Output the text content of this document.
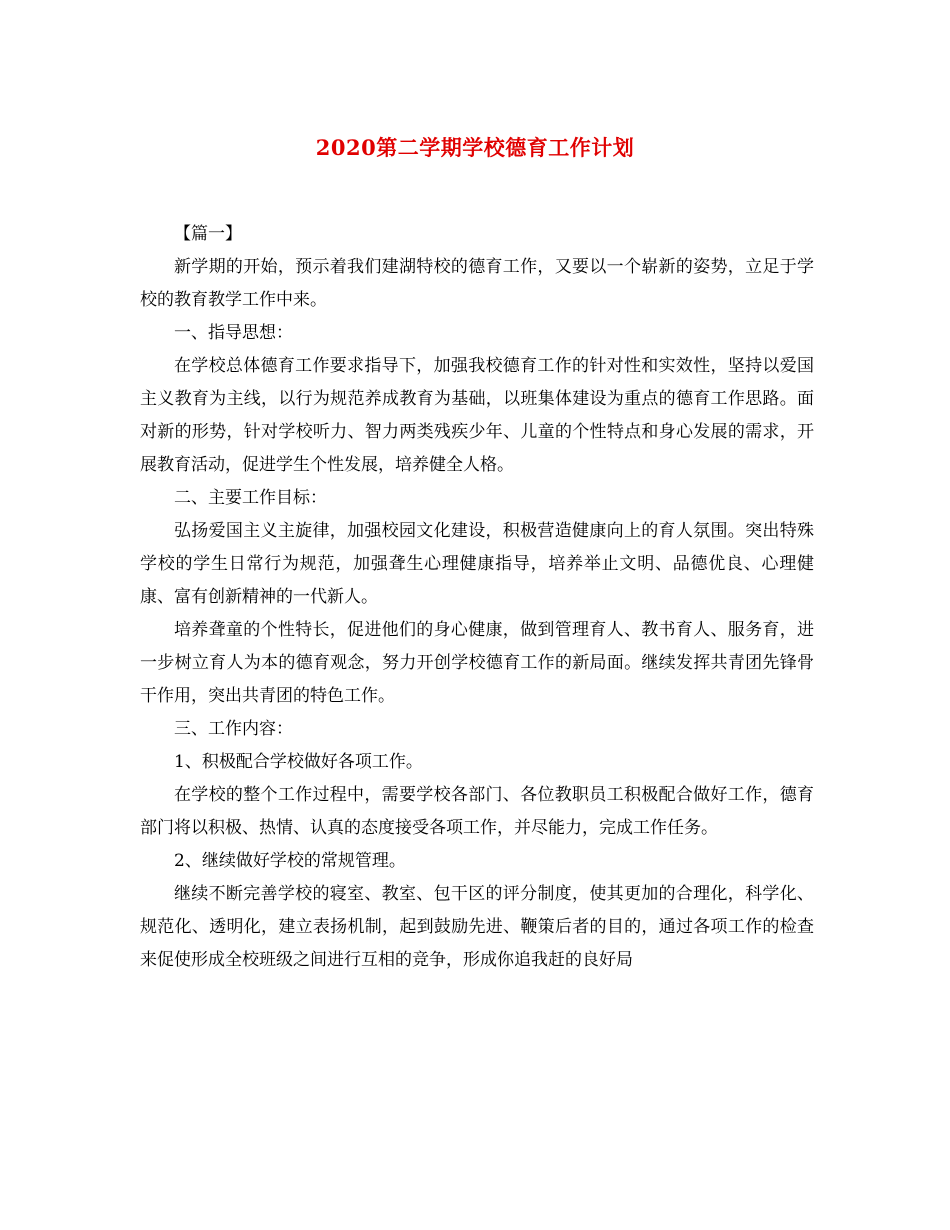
2020第二学期学校德育工作计划

【篇一】

新学期的开始，预示着我们建湖特校的德育工作，又要以一个崭新的姿势，立足于学校的教育教学工作中来。

一、指导思想：

在学校总体德育工作要求指导下，加强我校德育工作的针对性和实效性，坚持以爱国主义教育为主线，以行为规范养成教育为基础，以班集体建设为重点的德育工作思路。面对新的形势，针对学校听力、智力两类残疾少年、儿童的个性特点和身心发展的需求，开展教育活动，促进学生个性发展，培养健全人格。

二、主要工作目标：

弘扬爱国主义主旋律，加强校园文化建设，积极营造健康向上的育人氛围。突出特殊学校的学生日常行为规范，加强聋生心理健康指导，培养举止文明、品德优良、心理健康、富有创新精神的一代新人。

培养聋童的个性特长，促进他们的身心健康，做到管理育人、教书育人、服务育，进一步树立育人为本的德育观念，努力开创学校德育工作的新局面。继续发挥共青团先锋骨干作用，突出共青团的特色工作。

三、工作内容：

1、积极配合学校做好各项工作。

在学校的整个工作过程中，需要学校各部门、各位教职员工积极配合做好工作，德育部门将以积极、热情、认真的态度接受各项工作，并尽能力，完成工作任务。

2、继续做好学校的常规管理。

继续不断完善学校的寝室、教室、包干区的评分制度，使其更加的合理化，科学化、规范化、透明化，建立表扬机制，起到鼓励先进、鞭策后者的目的，通过各项工作的检查来促使形成全校班级之间进行互相的竞争，形成你追我赶的良好局
